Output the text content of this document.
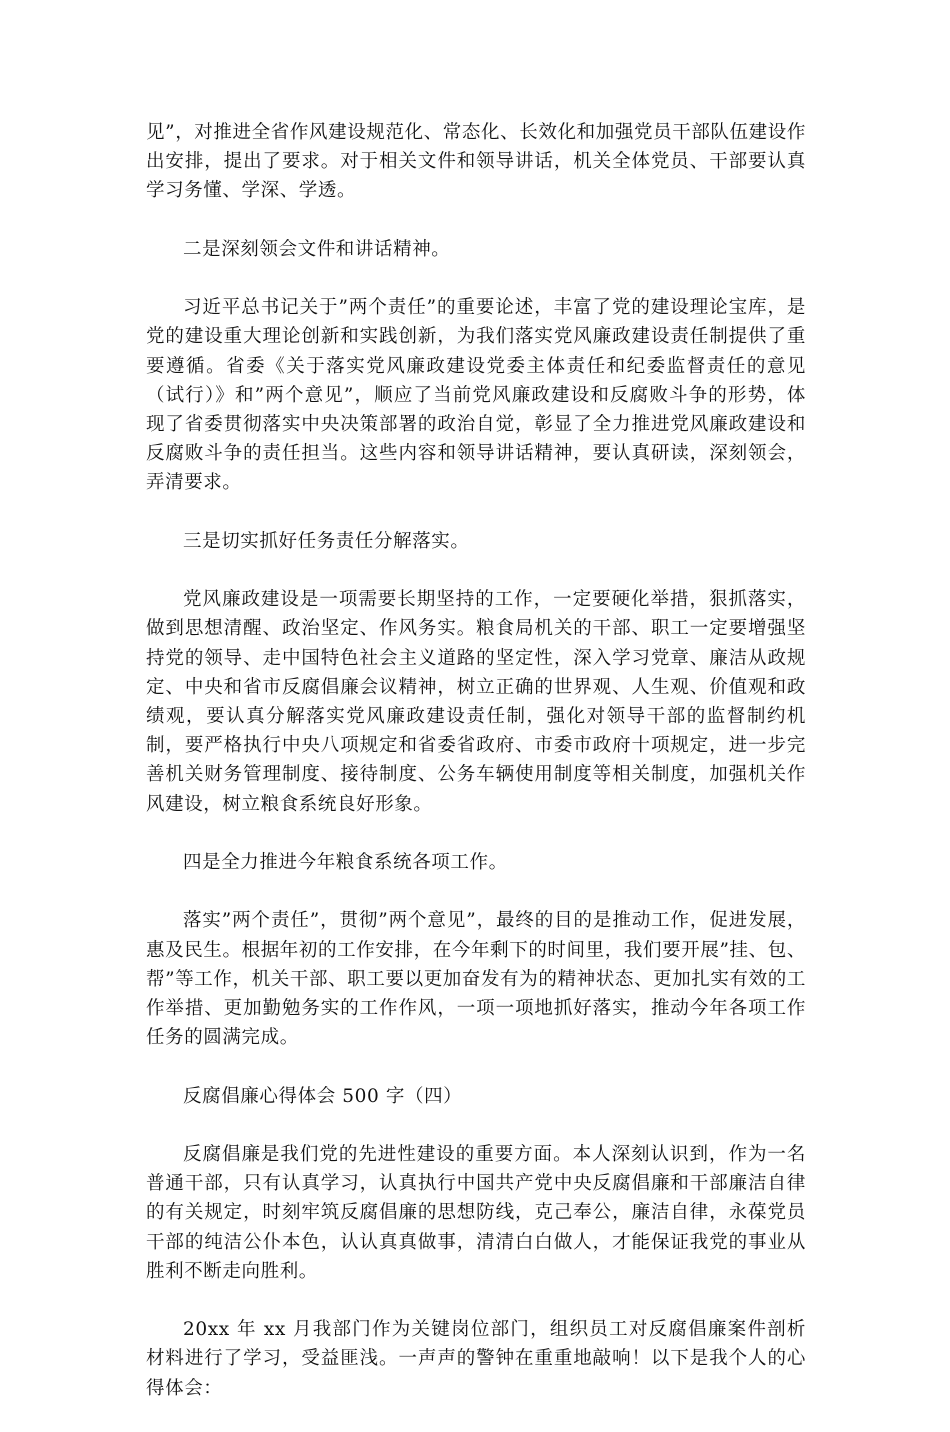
见”，对推进全省作风建设规范化、常态化、长效化和加强党员干部队伍建设作出安排，提出了要求。对于相关文件和领导讲话，机关全体党员、干部要认真学习务懂、学深、学透。

二是深刻领会文件和讲话精神。

习近平总书记关于”两个责任”的重要论述，丰富了党的建设理论宝库，是党的建设重大理论创新和实践创新，为我们落实党风廉政建设责任制提供了重要遵循。省委《关于落实党风廉政建设党委主体责任和纪委监督责任的意见（试行）》和”两个意见”，顺应了当前党风廉政建设和反腐败斗争的形势，体现了省委贯彻落实中央决策部署的政治自觉，彰显了全力推进党风廉政建设和反腐败斗争的责任担当。这些内容和领导讲话精神，要认真研读，深刻领会，弄清要求。

三是切实抓好任务责任分解落实。

党风廉政建设是一项需要长期坚持的工作，一定要硬化举措，狠抓落实，做到思想清醒、政治坚定、作风务实。粮食局机关的干部、职工一定要增强坚持党的领导、走中国特色社会主义道路的坚定性，深入学习党章、廉洁从政规定、中央和省市反腐倡廉会议精神，树立正确的世界观、人生观、价值观和政绩观，要认真分解落实党风廉政建设责任制，强化对领导干部的监督制约机制，要严格执行中央八项规定和省委省政府、市委市政府十项规定，进一步完善机关财务管理制度、接待制度、公务车辆使用制度等相关制度，加强机关作风建设，树立粮食系统良好形象。

四是全力推进今年粮食系统各项工作。

落实”两个责任”，贯彻”两个意见”，最终的目的是推动工作，促进发展，惠及民生。根据年初的工作安排，在今年剩下的时间里，我们要开展”挂、包、帮”等工作，机关干部、职工要以更加奋发有为的精神状态、更加扎实有效的工作举措、更加勤勉务实的工作作风，一项一项地抓好落实，推动今年各项工作任务的圆满完成。

反腐倡廉心得体会 500 字（四）

反腐倡廉是我们党的先进性建设的重要方面。本人深刻认识到，作为一名普通干部，只有认真学习，认真执行中国共产党中央反腐倡廉和干部廉洁自律的有关规定，时刻牢筑反腐倡廉的思想防线，克己奉公，廉洁自律，永葆党员干部的纯洁公仆本色，认认真真做事，清清白白做人，才能保证我党的事业从胜利不断走向胜利。

20xx 年 xx 月我部门作为关键岗位部门，组织员工对反腐倡廉案件剖析材料进行了学习，受益匪浅。一声声的警钟在重重地敲响！以下是我个人的心得体会：
